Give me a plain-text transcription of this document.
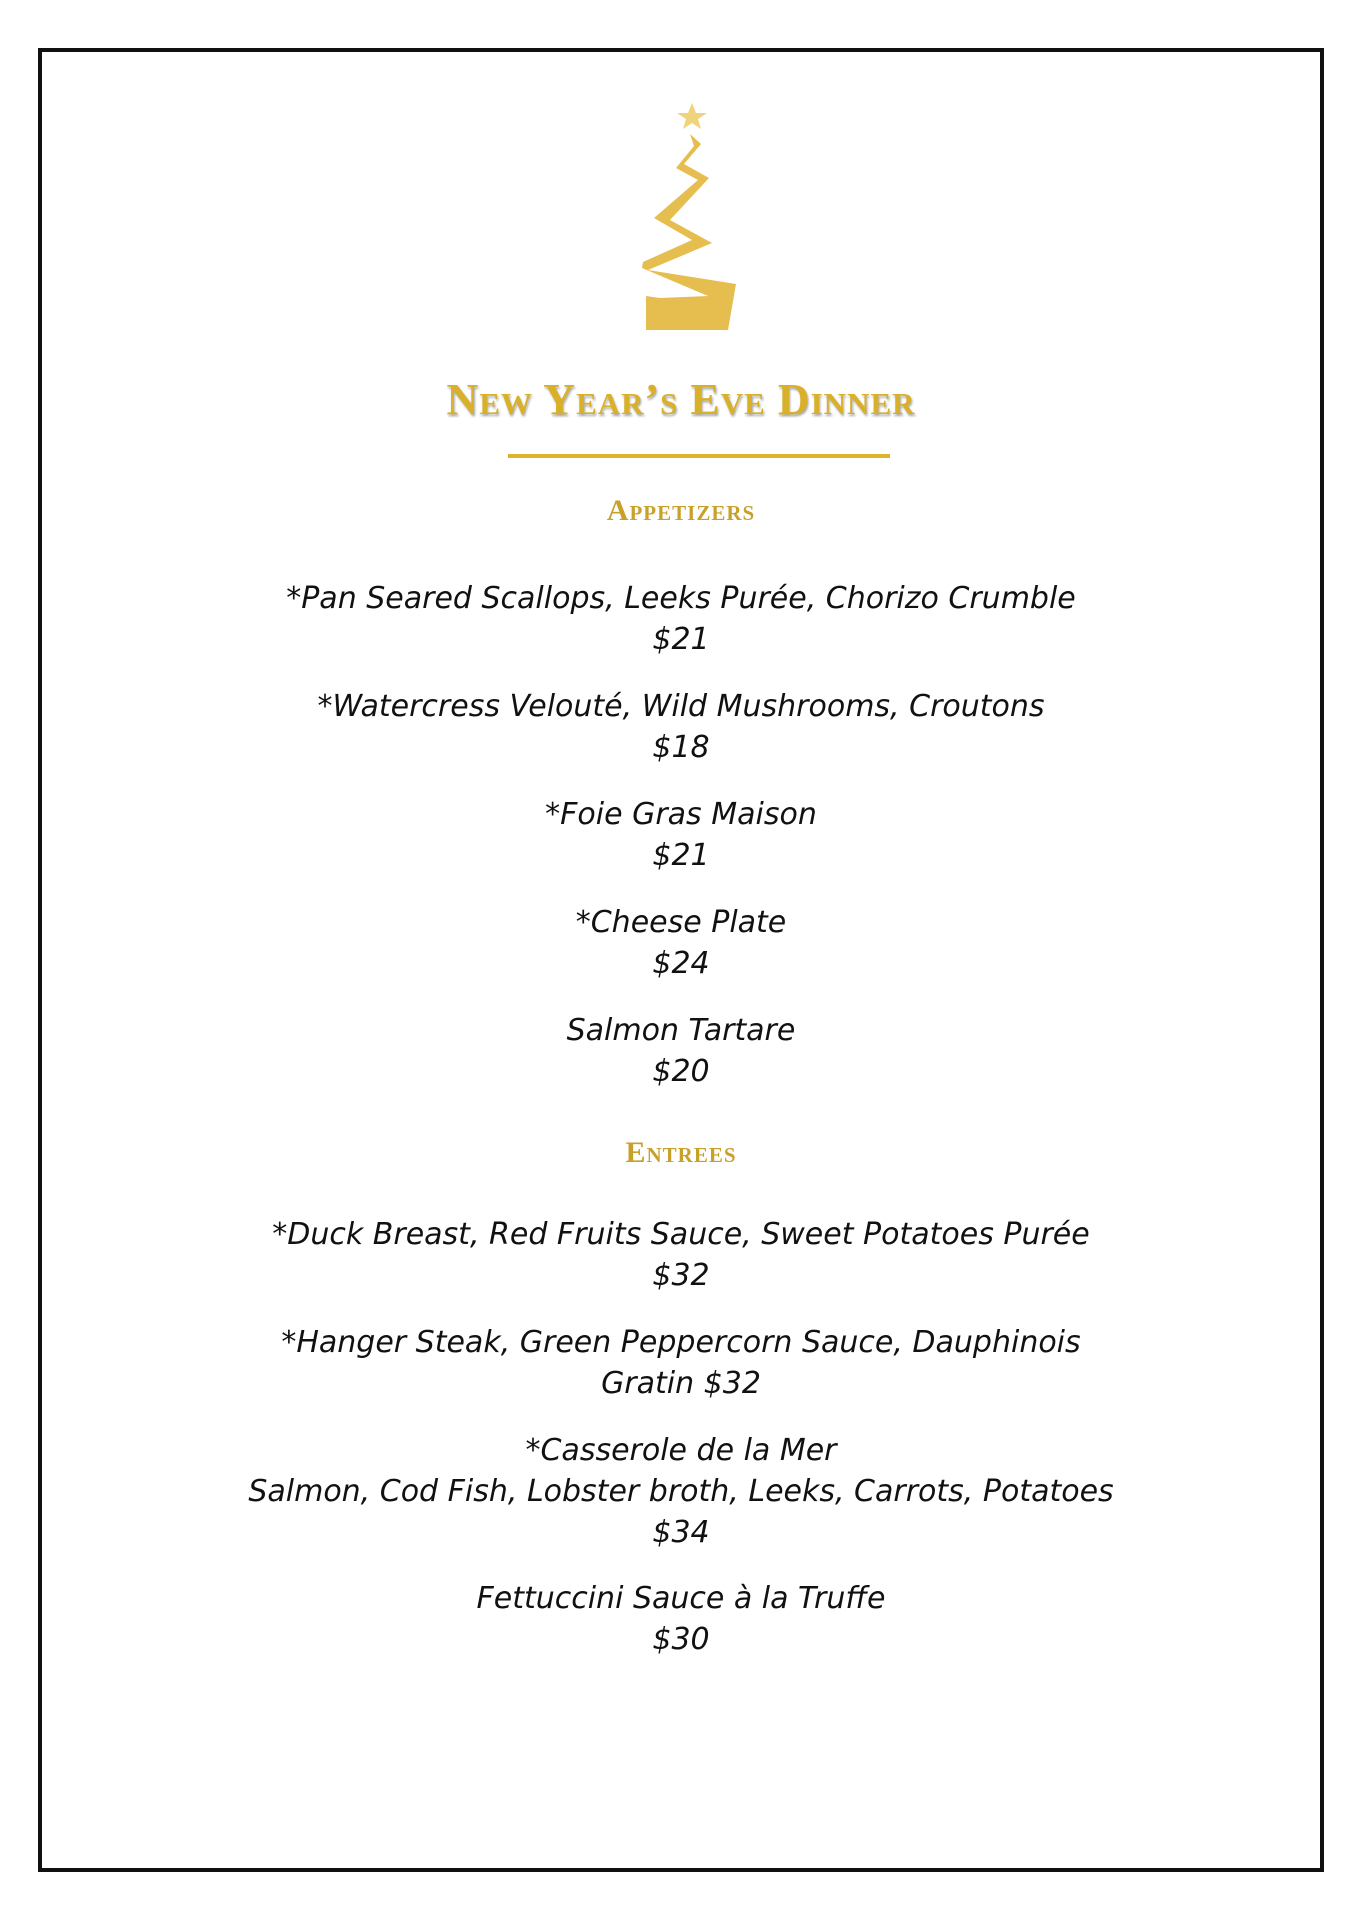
New Year’s Eve Dinner
Appetizers
*Pan Seared Scallops, Leeks Purée, Chorizo Crumble
$21
*Watercress Velouté, Wild Mushrooms, Croutons
$18
*Foie Gras Maison
$21
*Cheese Plate
$24
Salmon Tartare
$20
Entrees
*Duck Breast, Red Fruits Sauce, Sweet Potatoes Purée
$32
*Hanger Steak, Green Peppercorn Sauce, Dauphinois
Gratin $32
*Casserole de la Mer
Salmon, Cod Fish, Lobster broth, Leeks, Carrots, Potatoes
$34
Fettuccini Sauce à la Truffe
$30
